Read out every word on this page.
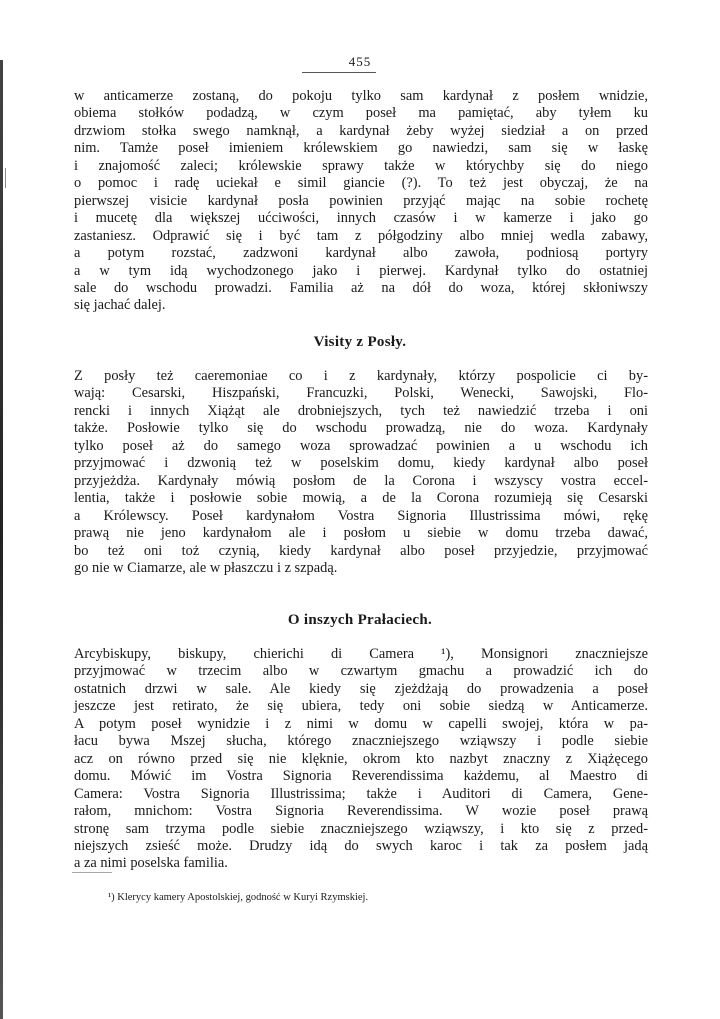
455

w anticamerze zostaną, do pokoju tylko sam kardynał z posłem wnidzie,
obiema stołków podadzą, w czym poseł ma pamiętać, aby tyłem ku
drzwiom stołka swego namknął, a kardynał żeby wyżej siedział a on przed
nim. Tamże poseł imieniem królewskiem go nawiedzi, sam się w łaskę
i znajomość zaleci; królewskie sprawy także w którychby się do niego
o pomoc i radę uciekał e simil giancie (?). To też jest obyczaj, że na
pierwszej visicie kardynał posła powinien przyjąć mając na sobie rochetę
i mucetę dla większej ućciwości, innych czasów i w kamerze i jako go
zastaniesz. Odprawić się i być tam z półgodziny albo mniej wedla zabawy,
a potym rozstać, zadzwoni kardynał albo zawoła, podniosą portyry
a w tym idą wychodzonego jako i pierwej. Kardynał tylko do ostatniej
sale do wschodu prowadzi. Familia aż na dół do woza, której skłoniwszy
się jachać dalej.

Visity z Posły.

Z posły też caeremoniae co i z kardynały, którzy pospolicie ci by-
wają: Cesarski, Hiszpański, Francuzki, Polski, Wenecki, Sawojski, Flo-
rencki i innych Xiążąt ale drobniejszych, tych też nawiedzić trzeba i oni
także. Posłowie tylko się do wschodu prowadzą, nie do woza. Kardynały
tylko poseł aż do samego woza sprowadzać powinien a u wschodu ich
przyjmować i dzwonią też w poselskim domu, kiedy kardynał albo poseł
przyjeżdża. Kardynały mówią posłom de la Corona i wszyscy vostra eccel-
lentia, także i posłowie sobie mowią, a de la Corona rozumieją się Cesarski
a Królewscy. Poseł kardynałom Vostra Signoria Illustrissima mówi, rękę
prawą nie jeno kardynałom ale i posłom u siebie w domu trzeba dawać,
bo też oni toż czynią, kiedy kardynał albo poseł przyjedzie, przyjmować
go nie w Ciamarze, ale w płaszczu i z szpadą.

O inszych Prałaciech.

Arcybiskupy, biskupy, chierichi di Camera ¹), Monsignori znaczniejsze
przyjmować w trzecim albo w czwartym gmachu a prowadzić ich do
ostatnich drzwi w sale. Ale kiedy się zjeżdżają do prowadzenia a poseł
jeszcze jest retirato, że się ubiera, tedy oni sobie siedzą w Anticamerze.
A potym poseł wynidzie i z nimi w domu w capelli swojej, która w pa-
łacu bywa Mszej słucha, którego znaczniejszego wziąwszy i podle siebie
acz on równo przed się nie klęknie, okrom kto nazbyt znaczny z Xiążęcego
domu. Mówić im Vostra Signoria Reverendissima każdemu, al Maestro di
Camera: Vostra Signoria Illustrissima; także i Auditori di Camera, Gene-
rałom, mnichom: Vostra Signoria Reverendissima. W wozie poseł prawą
stronę sam trzyma podle siebie znaczniejszego wziąwszy, i kto się z przed-
niejszych zsieść może. Drudzy idą do swych karoc i tak za posłem jadą
a za nimi poselska familia.

¹) Klerycy kamery Apostolskiej, godność w Kuryi Rzymskiej.
